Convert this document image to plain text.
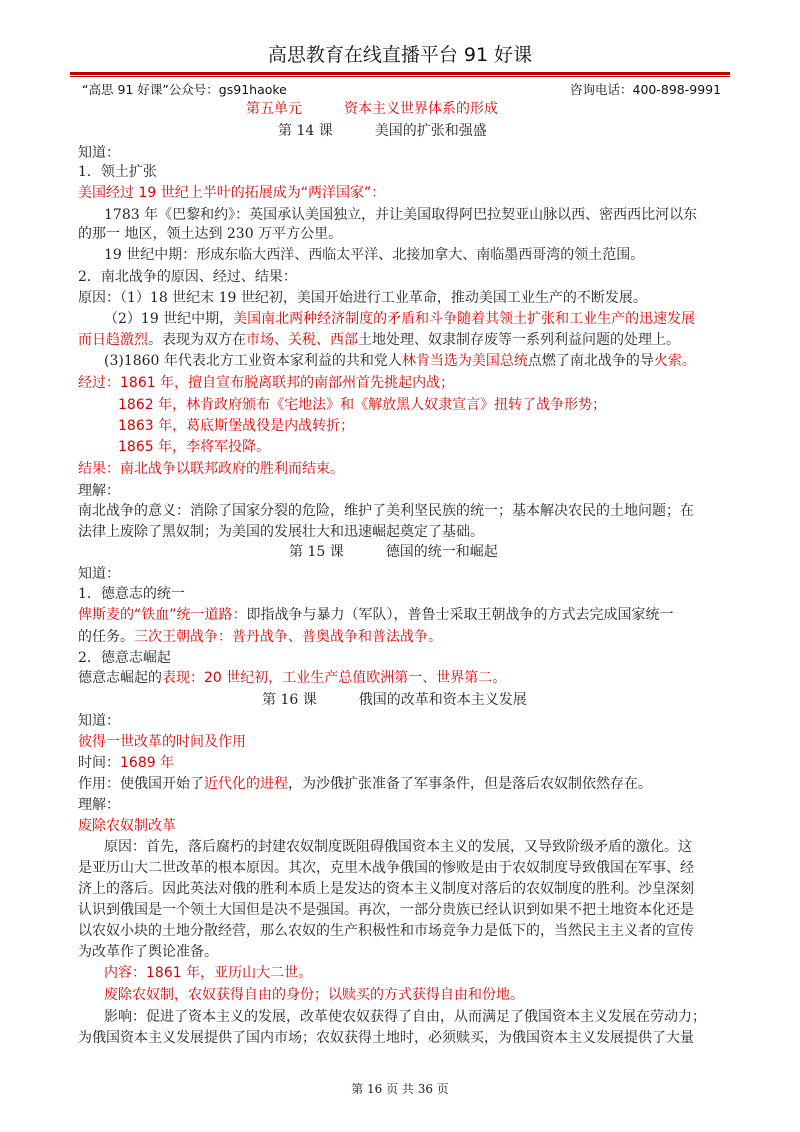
高思教育在线直播平台 91 好课
“高思 91 好课”公众号：gs91haoke	咨询电话：400-898-9991
第五单元　　　资本主义世界体系的形成
第 14 课　　　美国的扩张和强盛
知道：
1．领土扩张
美国经过 19 世纪上半叶的拓展成为“两洋国家”：
1783 年《巴黎和约》：英国承认美国独立，并让美国取得阿巴拉契亚山脉以西、密西西比河以东
的那一 地区，领土达到 230 万平方公里。
19 世纪中期：形成东临大西洋、西临太平洋、北接加拿大、南临墨西哥湾的领土范围。
2．南北战争的原因、经过、结果：
原因：（1）18 世纪末 19 世纪初，美国开始进行工业革命，推动美国工业生产的不断发展。
（2）19 世纪中期，美国南北两种经济制度的矛盾和斗争随着其领土扩张和工业生产的迅速发展
而日趋激烈。表现为双方在市场、关税、西部土地处理、奴隶制存废等一系列利益问题的处理上。
(3)1860 年代表北方工业资本家利益的共和党人林肯当选为美国总统点燃了南北战争的导火索。
经过：1861 年，擅自宣布脱离联邦的南部州首先挑起内战；
1862 年，林肯政府颁布《宅地法》和《解放黑人奴隶宣言》扭转了战争形势；
1863 年，葛底斯堡战役是内战转折；
1865 年，李将军投降。
结果：南北战争以联邦政府的胜利而结束。
理解：
南北战争的意义：消除了国家分裂的危险，维护了美利坚民族的统一；基本解决农民的土地问题；在
法律上废除了黑奴制；为美国的发展壮大和迅速崛起奠定了基础。
第 15 课　　　德国的统一和崛起
知道：
1．德意志的统一
俾斯麦的“铁血”统一道路：即指战争与暴力（军队），普鲁士采取王朝战争的方式去完成国家统一
的任务。三次王朝战争：普丹战争、普奥战争和普法战争。
2．德意志崛起
德意志崛起的表现：20 世纪初，工业生产总值欧洲第一、世界第二。
第 16 课　　　俄国的改革和资本主义发展
知道：
彼得一世改革的时间及作用
时间：1689 年
作用：使俄国开始了近代化的进程，为沙俄扩张准备了军事条件，但是落后农奴制依然存在。
理解：
废除农奴制改革
原因：首先，落后腐朽的封建农奴制度既阻碍俄国资本主义的发展，又导致阶级矛盾的激化。这
是亚历山大二世改革的根本原因。其次，克里木战争俄国的惨败是由于农奴制度导致俄国在军事、经
济上的落后。因此英法对俄的胜利本质上是发达的资本主义制度对落后的农奴制度的胜利。沙皇深刻
认识到俄国是一个领土大国但是决不是强国。再次，一部分贵族已经认识到如果不把土地资本化还是
以农奴小块的土地分散经营，那么农奴的生产积极性和市场竞争力是低下的，当然民主主义者的宣传
为改革作了舆论准备。
内容：1861 年，亚历山大二世。
废除农奴制，农奴获得自由的身份；以赎买的方式获得自由和份地。
影响：促进了资本主义的发展，改革使农奴获得了自由，从而满足了俄国资本主义发展在劳动力；
为俄国资本主义发展提供了国内市场；农奴获得土地时，必须赎买，为俄国资本主义发展提供了大量
第 16 页 共 36 页
